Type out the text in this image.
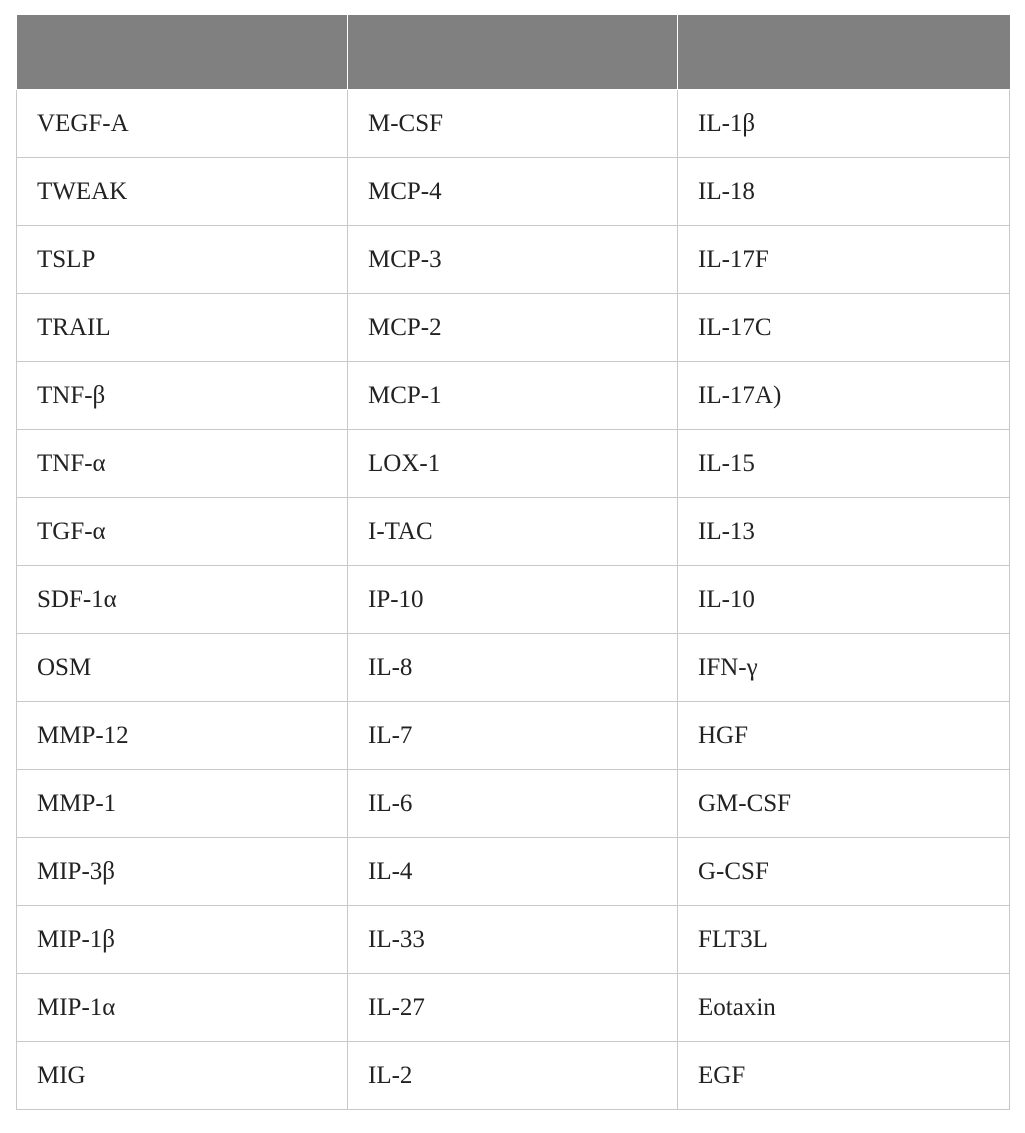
VEGF-A	M-CSF	IL-1β
TWEAK	MCP-4	IL-18
TSLP	MCP-3	IL-17F
TRAIL	MCP-2	IL-17C
TNF-β	MCP-1	IL-17A)
TNF-α	LOX-1	IL-15
TGF-α	I-TAC	IL-13
SDF-1α	IP-10	IL-10
OSM	IL-8	IFN-γ
MMP-12	IL-7	HGF
MMP-1	IL-6	GM-CSF
MIP-3β	IL-4	G-CSF
MIP-1β	IL-33	FLT3L
MIP-1α	IL-27	Eotaxin
MIG	IL-2	EGF
